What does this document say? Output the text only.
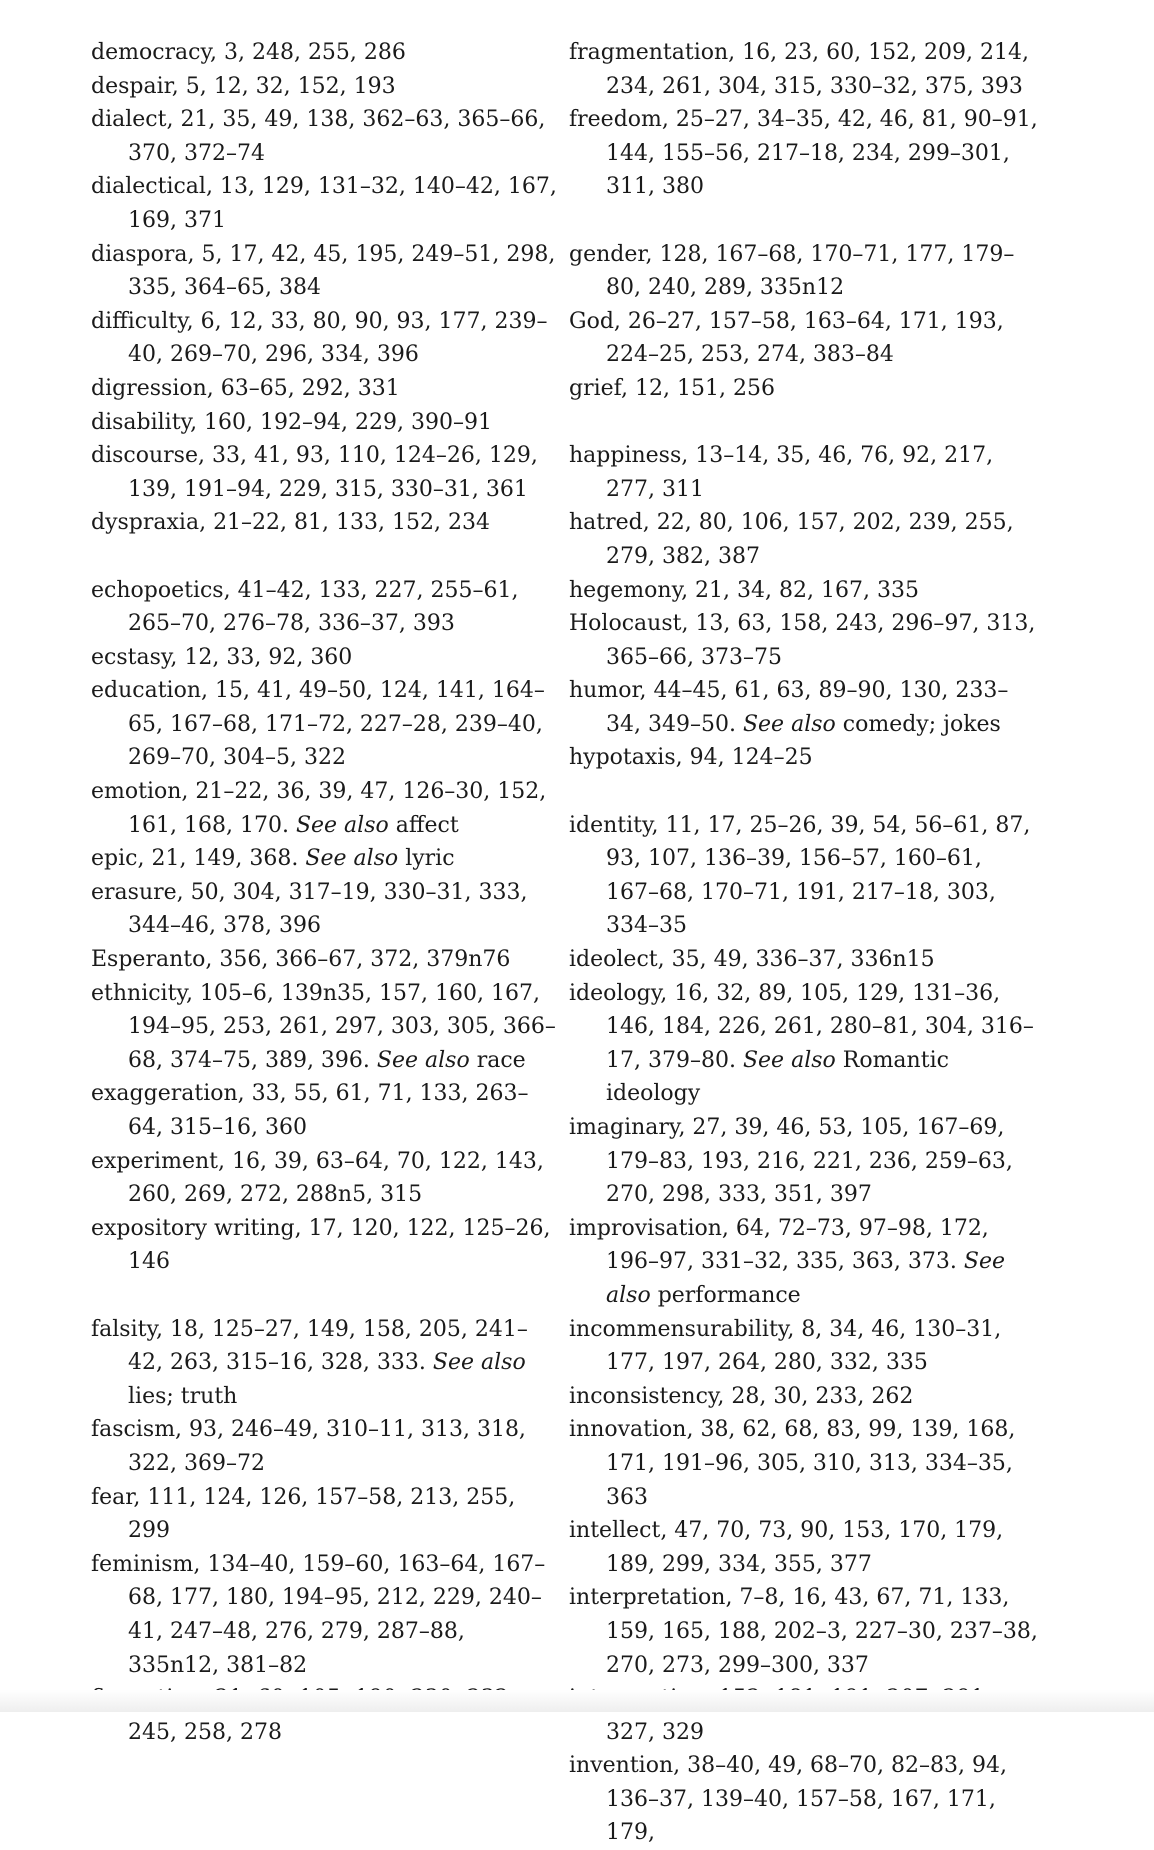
democracy, 3, 248, 255, 286

despair, 5, 12, 32, 152, 193

dialect, 21, 35, 49, 138, 362–63, 365–66, 370, 372–74

dialectical, 13, 129, 131–32, 140–42, 167, 169, 371

diaspora, 5, 17, 42, 45, 195, 249–51, 298, 335, 364–65, 384

difficulty, 6, 12, 33, 80, 90, 93, 177, 239–40, 269–70, 296, 334, 396

digression, 63–65, 292, 331

disability, 160, 192–94, 229, 390–91

discourse, 33, 41, 93, 110, 124–26, 129, 139, 191–94, 229, 315, 330–31, 361

dyspraxia, 21–22, 81, 133, 152, 234

echopoetics, 41–42, 133, 227, 255–61, 265–70, 276–78, 336–37, 393

ecstasy, 12, 33, 92, 360

education, 15, 41, 49–50, 124, 141, 164–65, 167–68, 171–72, 227–28, 239–40, 269–70, 304–5, 322

emotion, 21–22, 36, 39, 47, 126–30, 152, 161, 168, 170. See also affect

epic, 21, 149, 368. See also lyric

erasure, 50, 304, 317–19, 330–31, 333, 344–46, 378, 396

Esperanto, 356, 366–67, 372, 379n76

ethnicity, 105–6, 139n35, 157, 160, 167, 194–95, 253, 261, 297, 303, 305, 366–68, 374–75, 389, 396. See also race

exaggeration, 33, 55, 61, 71, 133, 263–64, 315–16, 360

experiment, 16, 39, 63–64, 70, 122, 143, 260, 269, 272, 288n5, 315

expository writing, 17, 120, 122, 125–26, 146

falsity, 18, 125–27, 149, 158, 205, 241–42, 263, 315–16, 328, 333. See also lies; truth

fascism, 93, 246–49, 310–11, 313, 318, 322, 369–72

fear, 111, 124, 126, 157–58, 213, 255, 299

feminism, 134–40, 159–60, 163–64, 167–68, 177, 180, 194–95, 212, 229, 240–41, 247–48, 276, 279, 287–88, 335n12, 381–82

245, 258, 278

fragmentation, 16, 23, 60, 152, 209, 214, 234, 261, 304, 315, 330–32, 375, 393

freedom, 25–27, 34–35, 42, 46, 81, 90–91, 144, 155–56, 217–18, 234, 299–301, 311, 380

gender, 128, 167–68, 170–71, 177, 179–80, 240, 289, 335n12

God, 26–27, 157–58, 163–64, 171, 193, 224–25, 253, 274, 383–84

grief, 12, 151, 256

happiness, 13–14, 35, 46, 76, 92, 217, 277, 311

hatred, 22, 80, 106, 157, 202, 239, 255, 279, 382, 387

hegemony, 21, 34, 82, 167, 335

Holocaust, 13, 63, 158, 243, 296–97, 313, 365–66, 373–75

humor, 44–45, 61, 63, 89–90, 130, 233–34, 349–50. See also comedy; jokes

hypotaxis, 94, 124–25

identity, 11, 17, 25–26, 39, 54, 56–61, 87, 93, 107, 136–39, 156–57, 160–61, 167–68, 170–71, 191, 217–18, 303, 334–35

ideolect, 35, 49, 336–37, 336n15

ideology, 16, 32, 89, 105, 129, 131–36, 146, 184, 226, 261, 280–81, 304, 316–17, 379–80. See also Romantic ideology

imaginary, 27, 39, 46, 53, 105, 167–69, 179–83, 193, 216, 221, 236, 259–63, 270, 298, 333, 351, 397

improvisation, 64, 72–73, 97–98, 172, 196–97, 331–32, 335, 363, 373. See also performance

incommensurability, 8, 34, 46, 130–31, 177, 197, 264, 280, 332, 335

inconsistency, 28, 30, 233, 262

innovation, 38, 62, 68, 83, 99, 139, 168, 171, 191–96, 305, 310, 313, 334–35, 363

intellect, 47, 70, 73, 90, 153, 170, 179, 189, 299, 334, 355, 377

interpretation, 7–8, 16, 43, 67, 71, 133, 159, 165, 188, 202–3, 227–30, 237–38, 270, 273, 299–300, 337

327, 329

invention, 38–40, 49, 68–70, 82–83, 94, 136–37, 139–40, 157–58, 167, 171, 179,
